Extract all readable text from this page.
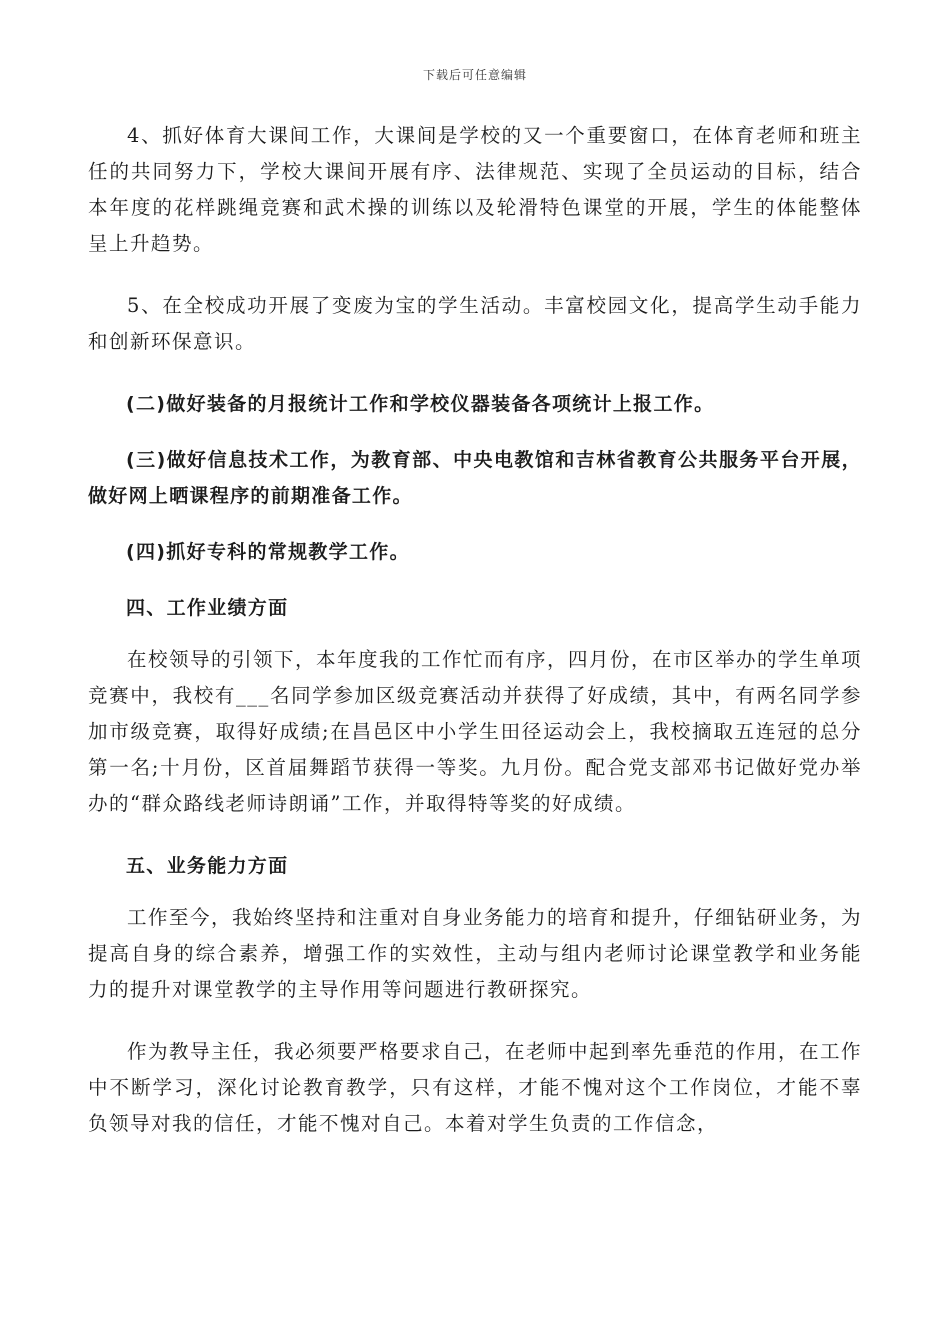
下载后可任意编辑

4、抓好体育大课间工作，大课间是学校的又一个重要窗口，在体育老师和班主任的共同努力下，学校大课间开展有序、法律规范、实现了全员运动的目标，结合本年度的花样跳绳竞赛和武术操的训练以及轮滑特色课堂的开展，学生的体能整体呈上升趋势。

5、在全校成功开展了变废为宝的学生活动。丰富校园文化，提高学生动手能力和创新环保意识。

(二)做好装备的月报统计工作和学校仪器装备各项统计上报工作。

(三)做好信息技术工作，为教育部、中央电教馆和吉林省教育公共服务平台开展，做好网上晒课程序的前期准备工作。

(四)抓好专科的常规教学工作。

四、工作业绩方面

在校领导的引领下，本年度我的工作忙而有序，四月份，在市区举办的学生单项竞赛中，我校有___名同学参加区级竞赛活动并获得了好成绩，其中，有两名同学参加市级竞赛，取得好成绩;在昌邑区中小学生田径运动会上，我校摘取五连冠的总分第一名;十月份，区首届舞蹈节获得一等奖。九月份。配合党支部邓书记做好党办举办的“群众路线老师诗朗诵”工作，并取得特等奖的好成绩。

五、业务能力方面

工作至今，我始终坚持和注重对自身业务能力的培育和提升，仔细钻研业务，为提高自身的综合素养，增强工作的实效性，主动与组内老师讨论课堂教学和业务能力的提升对课堂教学的主导作用等问题进行教研探究。

作为教导主任，我必须要严格要求自己，在老师中起到率先垂范的作用，在工作中不断学习，深化讨论教育教学，只有这样，才能不愧对这个工作岗位，才能不辜负领导对我的信任，才能不愧对自己。本着对学生负责的工作信念，
